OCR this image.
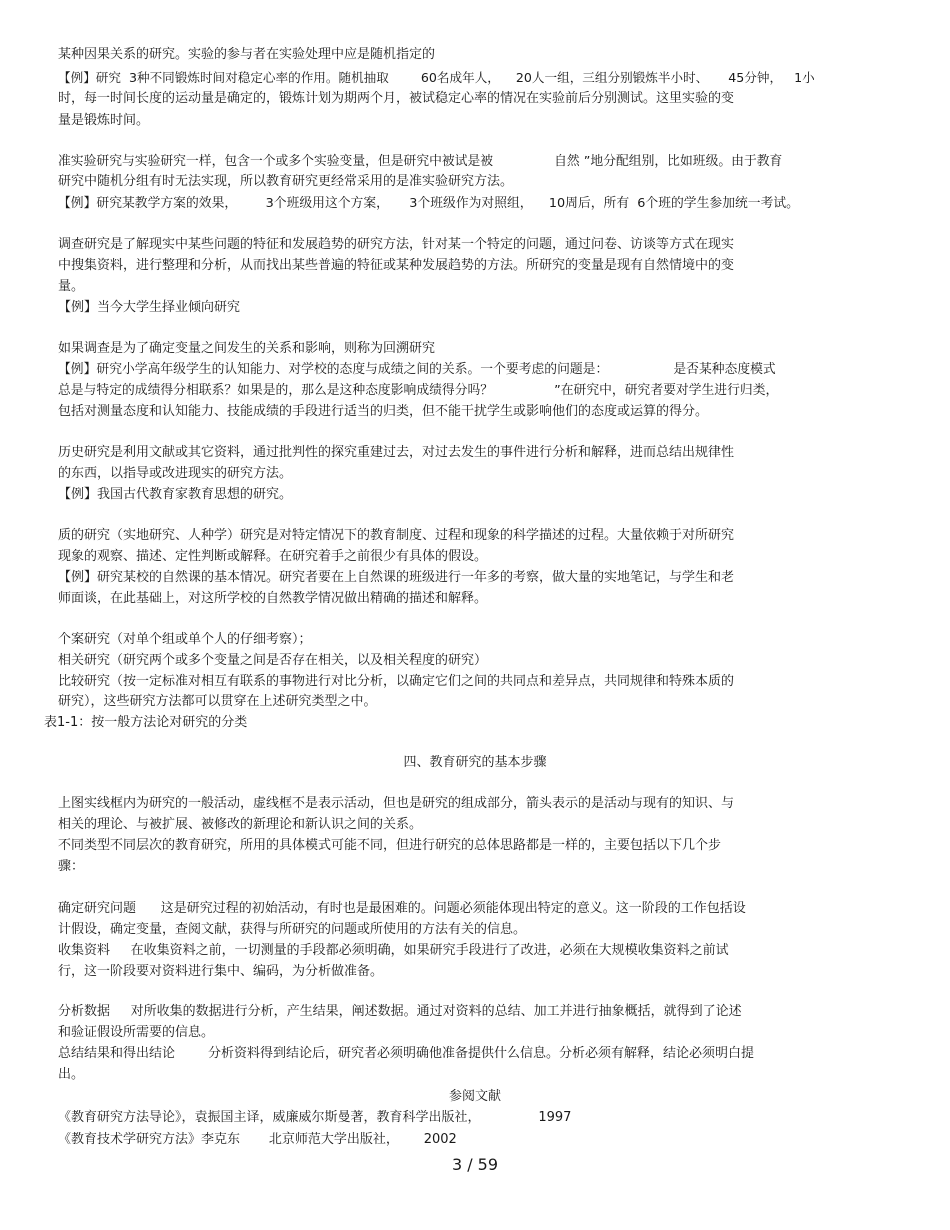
某种因果关系的研究。实验的参与者在实验处理中应是随机指定的
【例】研究  3种不同锻炼时间对稳定心率的作用。随机抽取        60名成年人，    20人一组，三组分别锻炼半小时、     45分钟，   1小
时，每一时间长度的运动量是确定的，锻炼计划为期两个月，被试稳定心率的情况在实验前后分别测试。这里实验的变
量是锻炼时间。
准实验研究与实验研究一样，包含一个或多个实验变量，但是研究中被试是被               自然 ”地分配组别，比如班级。由于教育
研究中随机分组有时无法实现，所以教育研究更经常采用的是准实验研究方法。
【例】研究某教学方案的效果，       3个班级用这个方案，     3个班级作为对照组，    10周后，所有  6个班的学生参加统一考试。
调查研究是了解现实中某些问题的特征和发展趋势的研究方法，针对某一个特定的问题，通过问卷、访谈等方式在现实
中搜集资料，进行整理和分析，从而找出某些普遍的特征或某种发展趋势的方法。所研究的变量是现有自然情境中的变
量。
【例】当今大学生择业倾向研究
如果调查是为了确定变量之间发生的关系和影响，则称为回溯研究
【例】研究小学高年级学生的认知能力、对学校的态度与成绩之间的关系。一个要考虑的问题是：                是否某种态度模式
总是与特定的成绩得分相联系？如果是的，那么是这种态度影响成绩得分吗？               ”在研究中，研究者要对学生进行归类，
包括对测量态度和认知能力、技能成绩的手段进行适当的归类，但不能干扰学生或影响他们的态度或运算的得分。
历史研究是利用文献或其它资料，通过批判性的探究重建过去，对过去发生的事件进行分析和解释，进而总结出规律性
的东西，以指导或改进现实的研究方法。
【例】我国古代教育家教育思想的研究。
质的研究（实地研究、人种学）研究是对特定情况下的教育制度、过程和现象的科学描述的过程。大量依赖于对所研究
现象的观察、描述、定性判断或解释。在研究着手之前很少有具体的假设。
【例】研究某校的自然课的基本情况。研究者要在上自然课的班级进行一年多的考察，做大量的实地笔记，与学生和老
师面谈，在此基础上，对这所学校的自然教学情况做出精确的描述和解释。
个案研究（对单个组或单个人的仔细考察）；
相关研究（研究两个或多个变量之间是否存在相关，以及相关程度的研究）
比较研究（按一定标准对相互有联系的事物进行对比分析，以确定它们之间的共同点和差异点，共同规律和特殊本质的
研究），这些研究方法都可以贯穿在上述研究类型之中。
表1-1：按一般方法论对研究的分类
四、教育研究的基本步骤
上图实线框内为研究的一般活动，虚线框不是表示活动，但也是研究的组成部分，箭头表示的是活动与现有的知识、与
相关的理论、与被扩展、被修改的新理论和新认识之间的关系。
不同类型不同层次的教育研究，所用的具体模式可能不同，但进行研究的总体思路都是一样的，主要包括以下几个步
骤：
确定研究问题      这是研究过程的初始活动，有时也是最困难的。问题必须能体现出特定的意义。这一阶段的工作包括设
计假设，确定变量，查阅文献，获得与所研究的问题或所使用的方法有关的信息。
收集资料     在收集资料之前，一切测量的手段都必须明确，如果研究手段进行了改进，必须在大规模收集资料之前试
行，这一阶段要对资料进行集中、编码，为分析做准备。
分析数据     对所收集的数据进行分析，产生结果，阐述数据。通过对资料的总结、加工并进行抽象概括，就得到了论述
和验证假设所需要的信息。
总结结果和得出结论        分析资料得到结论后，研究者必须明确他准备提供什么信息。分析必须有解释，结论必须明白提
出。
参阅文献
《教育研究方法导论》，袁振国主译，威廉威尔斯曼著，教育科学出版社，              1997
《教育技术学研究方法》李克东       北京师范大学出版社，      2002
3 / 59
